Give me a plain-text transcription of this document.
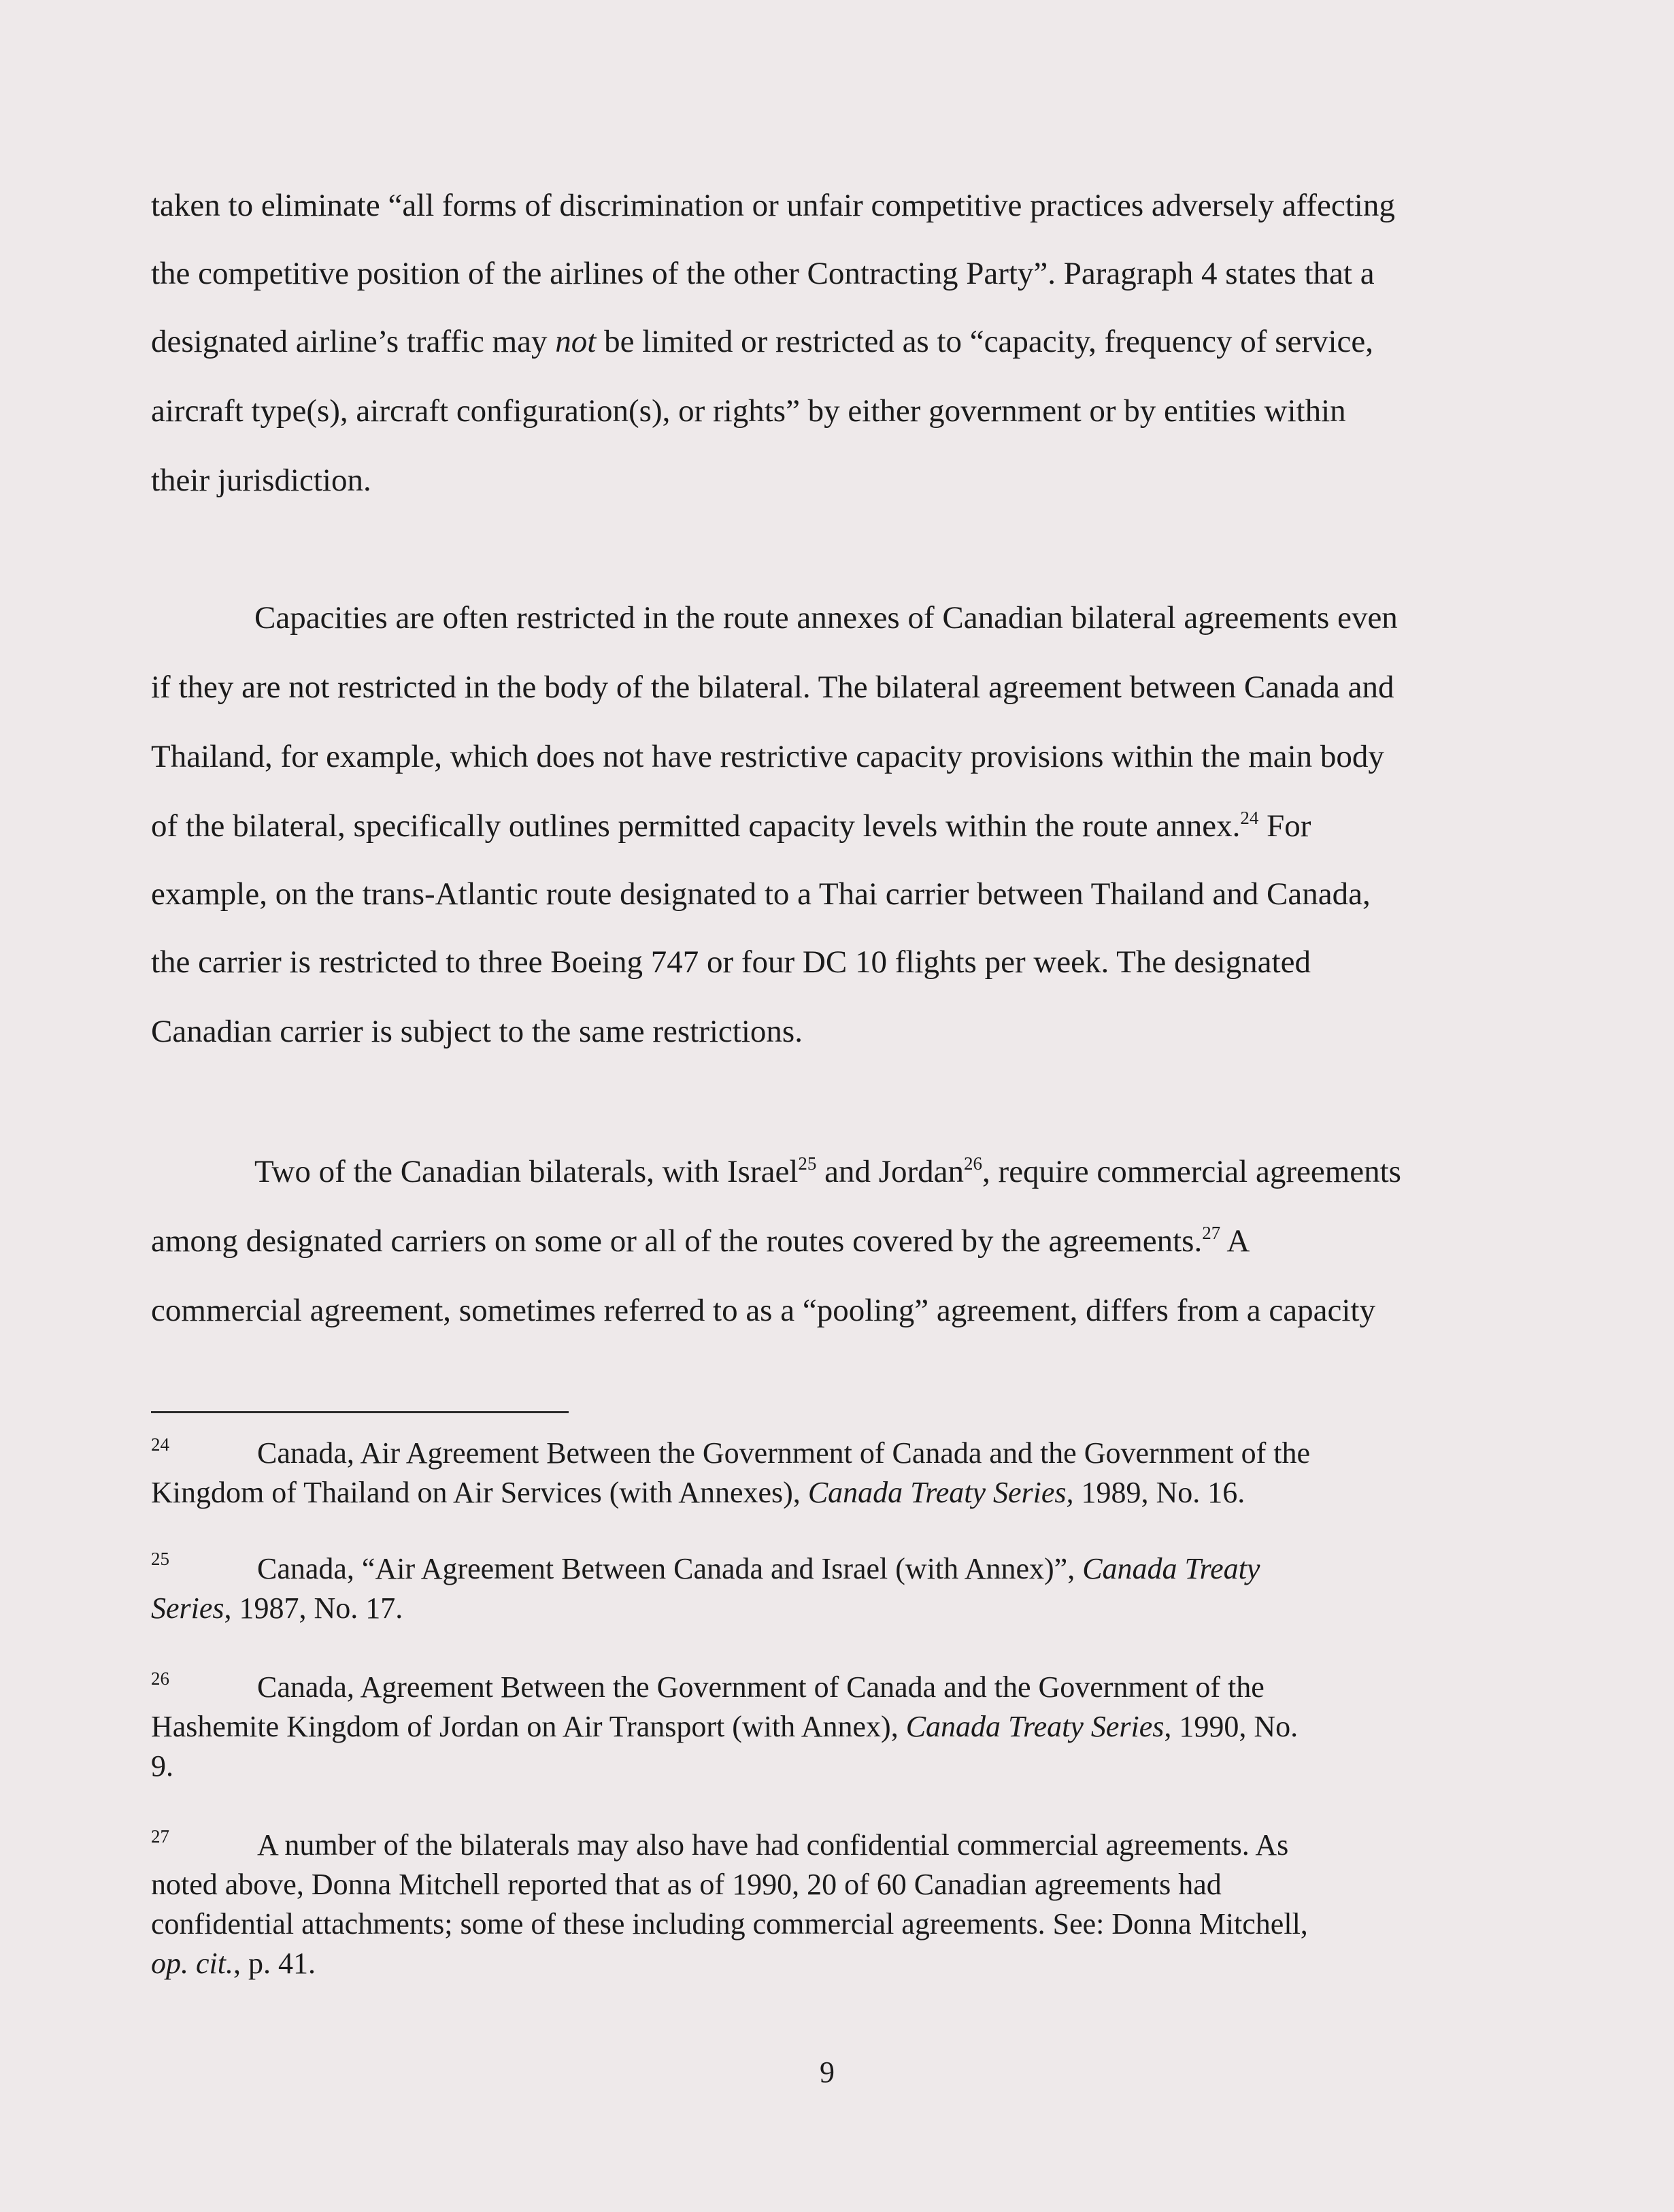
taken to eliminate “all forms of discrimination or unfair competitive practices adversely affecting
the competitive position of the airlines of the other Contracting Party”. Paragraph 4 states that a
designated airline’s traffic may not be limited or restricted as to “capacity, frequency of service,
aircraft type(s), aircraft configuration(s), or rights” by either government or by entities within
their jurisdiction.
Capacities are often restricted in the route annexes of Canadian bilateral agreements even
if they are not restricted in the body of the bilateral. The bilateral agreement between Canada and
Thailand, for example, which does not have restrictive capacity provisions within the main body
of the bilateral, specifically outlines permitted capacity levels within the route annex.$^{24}$ For
example, on the trans-Atlantic route designated to a Thai carrier between Thailand and Canada,
the carrier is restricted to three Boeing 747 or four DC 10 flights per week. The designated
Canadian carrier is subject to the same restrictions.
Two of the Canadian bilaterals, with Israel$^{25}$ and Jordan$^{26}$, require commercial agreements
among designated carriers on some or all of the routes covered by the agreements.$^{27}$ A
commercial agreement, sometimes referred to as a “pooling” agreement, differs from a capacity
24	Canada, Air Agreement Between the Government of Canada and the Government of the
Kingdom of Thailand on Air Services (with Annexes), Canada Treaty Series, 1989, No. 16.
25	Canada, “Air Agreement Between Canada and Israel (with Annex)”, Canada Treaty
Series, 1987, No. 17.
26	Canada, Agreement Between the Government of Canada and the Government of the
Hashemite Kingdom of Jordan on Air Transport (with Annex), Canada Treaty Series, 1990, No.
9.
27	A number of the bilaterals may also have had confidential commercial agreements. As
noted above, Donna Mitchell reported that as of 1990, 20 of 60 Canadian agreements had
confidential attachments; some of these including commercial agreements. See: Donna Mitchell,
op. cit., p. 41.
9
